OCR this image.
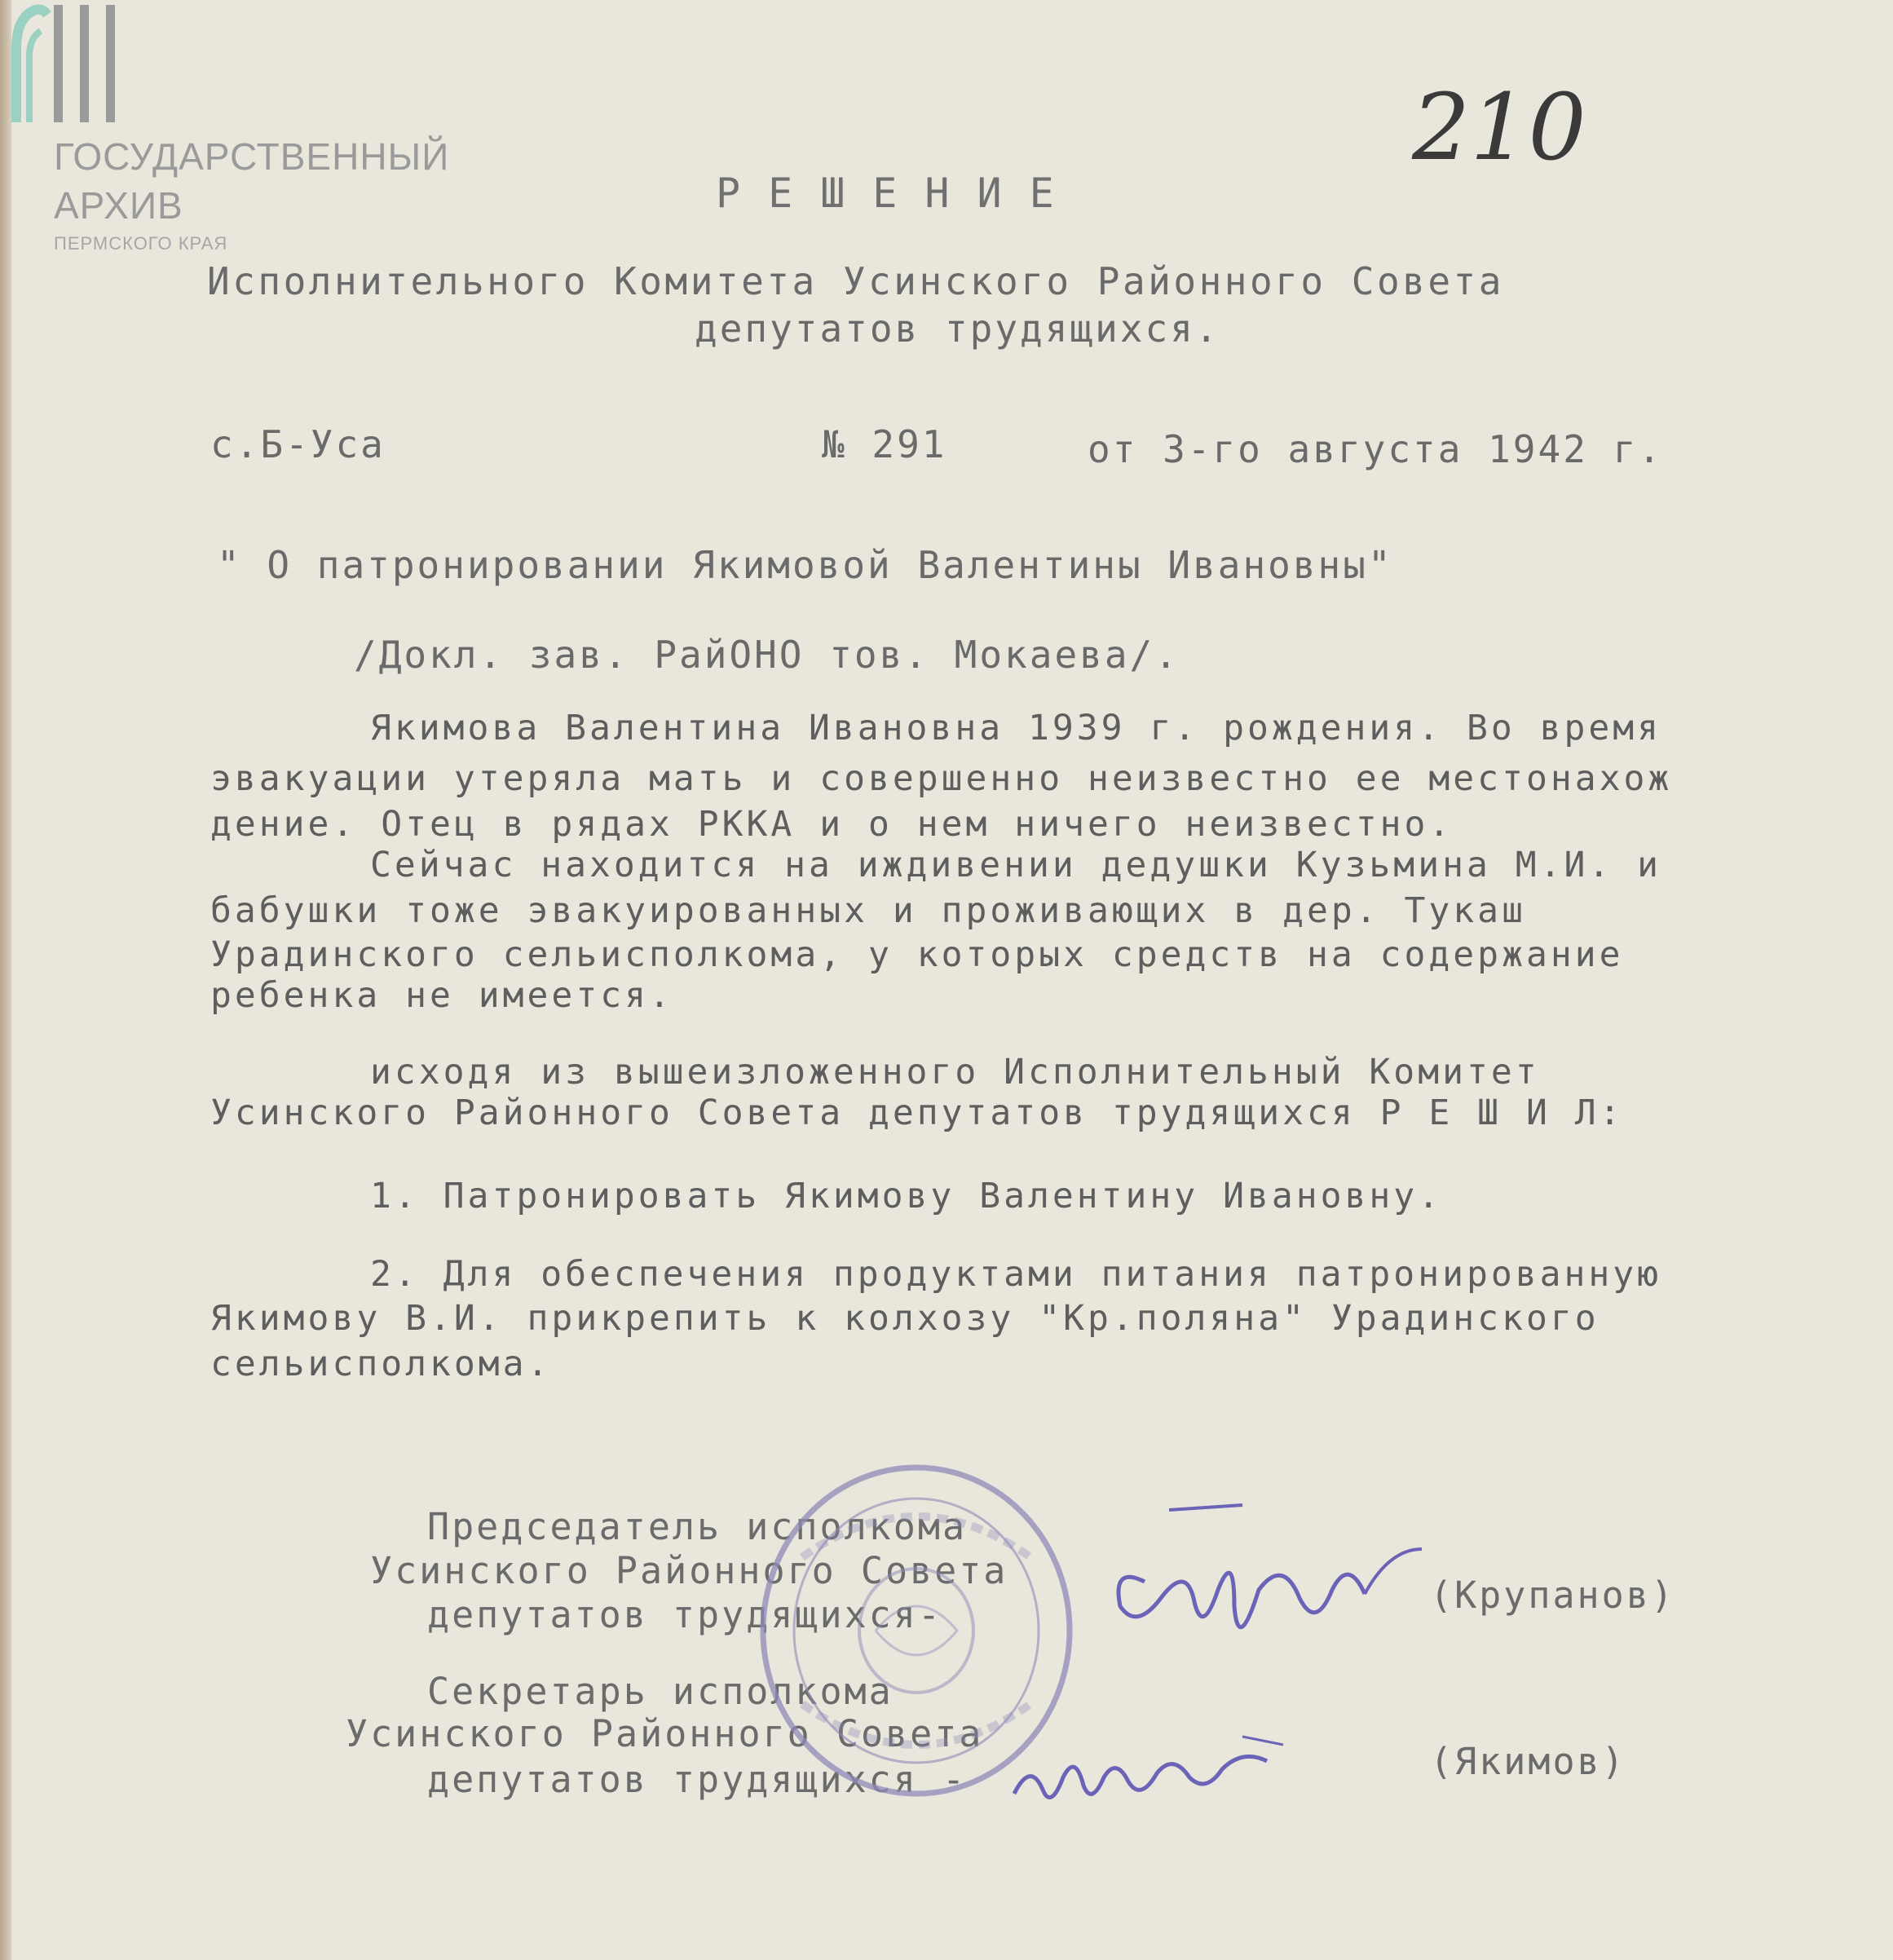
ГОСУДАРСТВЕННЫЙ

АРХИВ

ПЕРМСКОГО КРАЯ

210

РЕШЕНИЕ

Исполнительного Комитета Усинского Районного Совета

депутатов трудящихся.

с.Б-Уса	№ 291	от 3-го августа 1942 г.

" О патронировании Якимовой Валентины Ивановны"

/Докл. зав. РайОНО тов. Мокаева/.

Якимова Валентина Ивановна 1939 г. рождения. Во время

эвакуации утеряла мать и совершенно неизвестно ее местонахож

дение. Отец в рядах РККА и о нем ничего неизвестно.

Сейчас находится на иждивении дедушки Кузьмина М.И. и

бабушки тоже эвакуированных и проживающих в дер. Тукаш

Урадинского сельисполкома, у которых средств на содержание

ребенка не имеется.

исходя из вышеизложенного Исполнительный Комитет

Усинского Районного Совета депутатов трудящихся Р Е Ш И Л:

1. Патронировать Якимову Валентину Ивановну.

2. Для обеспечения продуктами питания патронированную

Якимову В.И. прикрепить к колхозу "Кр.поляна" Урадинского

сельисполкома.

Председатель исполкома

Усинского Районного Совета

депутатов трудящихся-	(Крупанов)

Секретарь исполкома

Усинского Районного Совета

депутатов трудящихся -	(Якимов)
